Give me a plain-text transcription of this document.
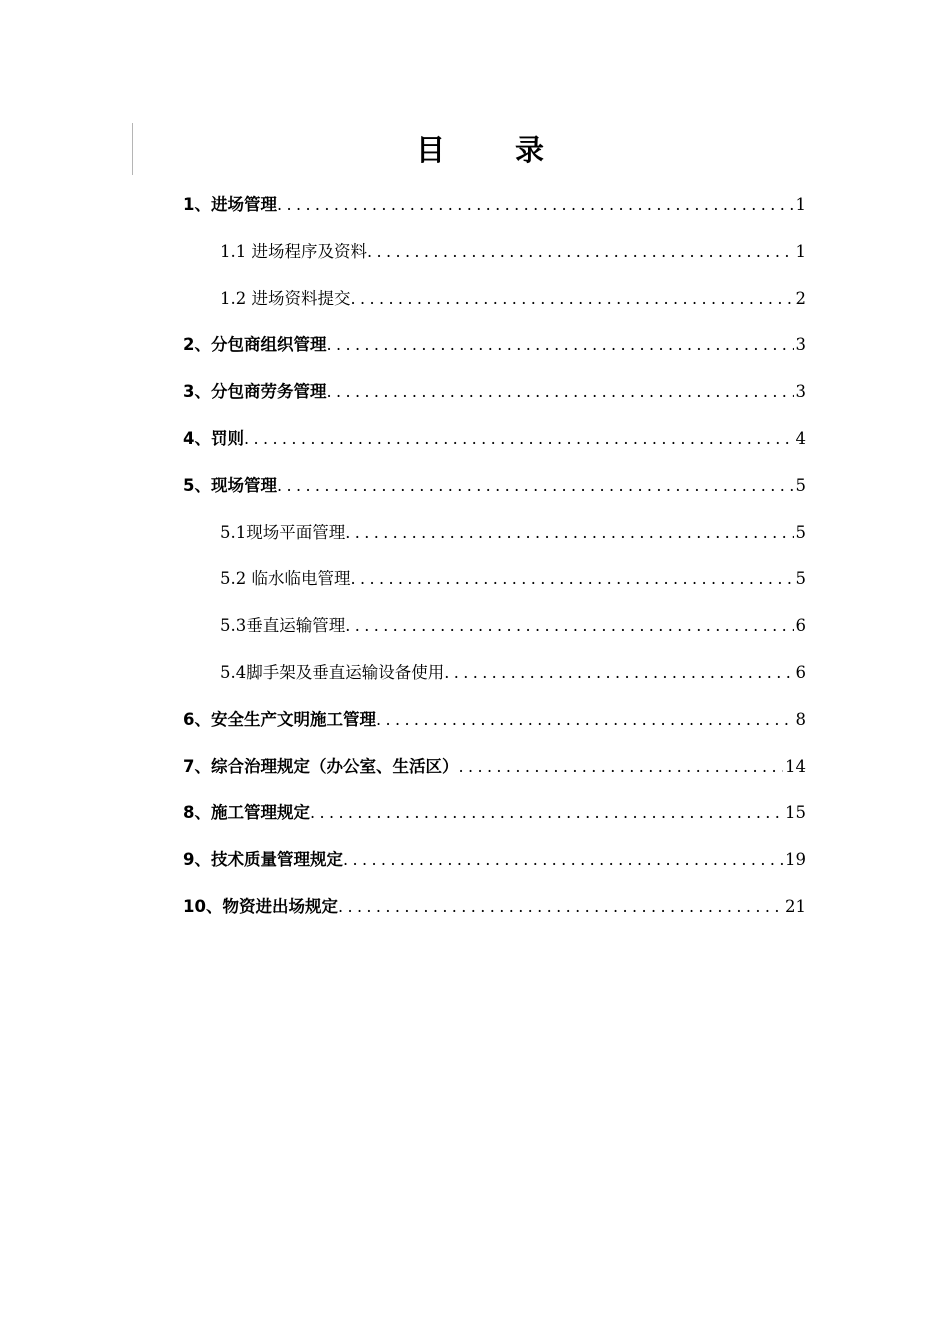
目 录
1、进场管理 .....	1
1.1 进场程序及资料 .....	1
1.2 进场资料提交 .....	2
2、分包商组织管理 .....	3
3、分包商劳务管理 .....	3
4、罚则 .....	4
5、现场管理 .....	5
5.1现场平面管理 .....	5
5.2 临水临电管理 .....	5
5.3垂直运输管理 .....	6
5.4脚手架及垂直运输设备使用 .....	6
6、安全生产文明施工管理 .....	8
7、综合治理规定（办公室、生活区） .....	14
8、施工管理规定 .....	15
9、技术质量管理规定 .....	19
10、物资进出场规定 .....	21
